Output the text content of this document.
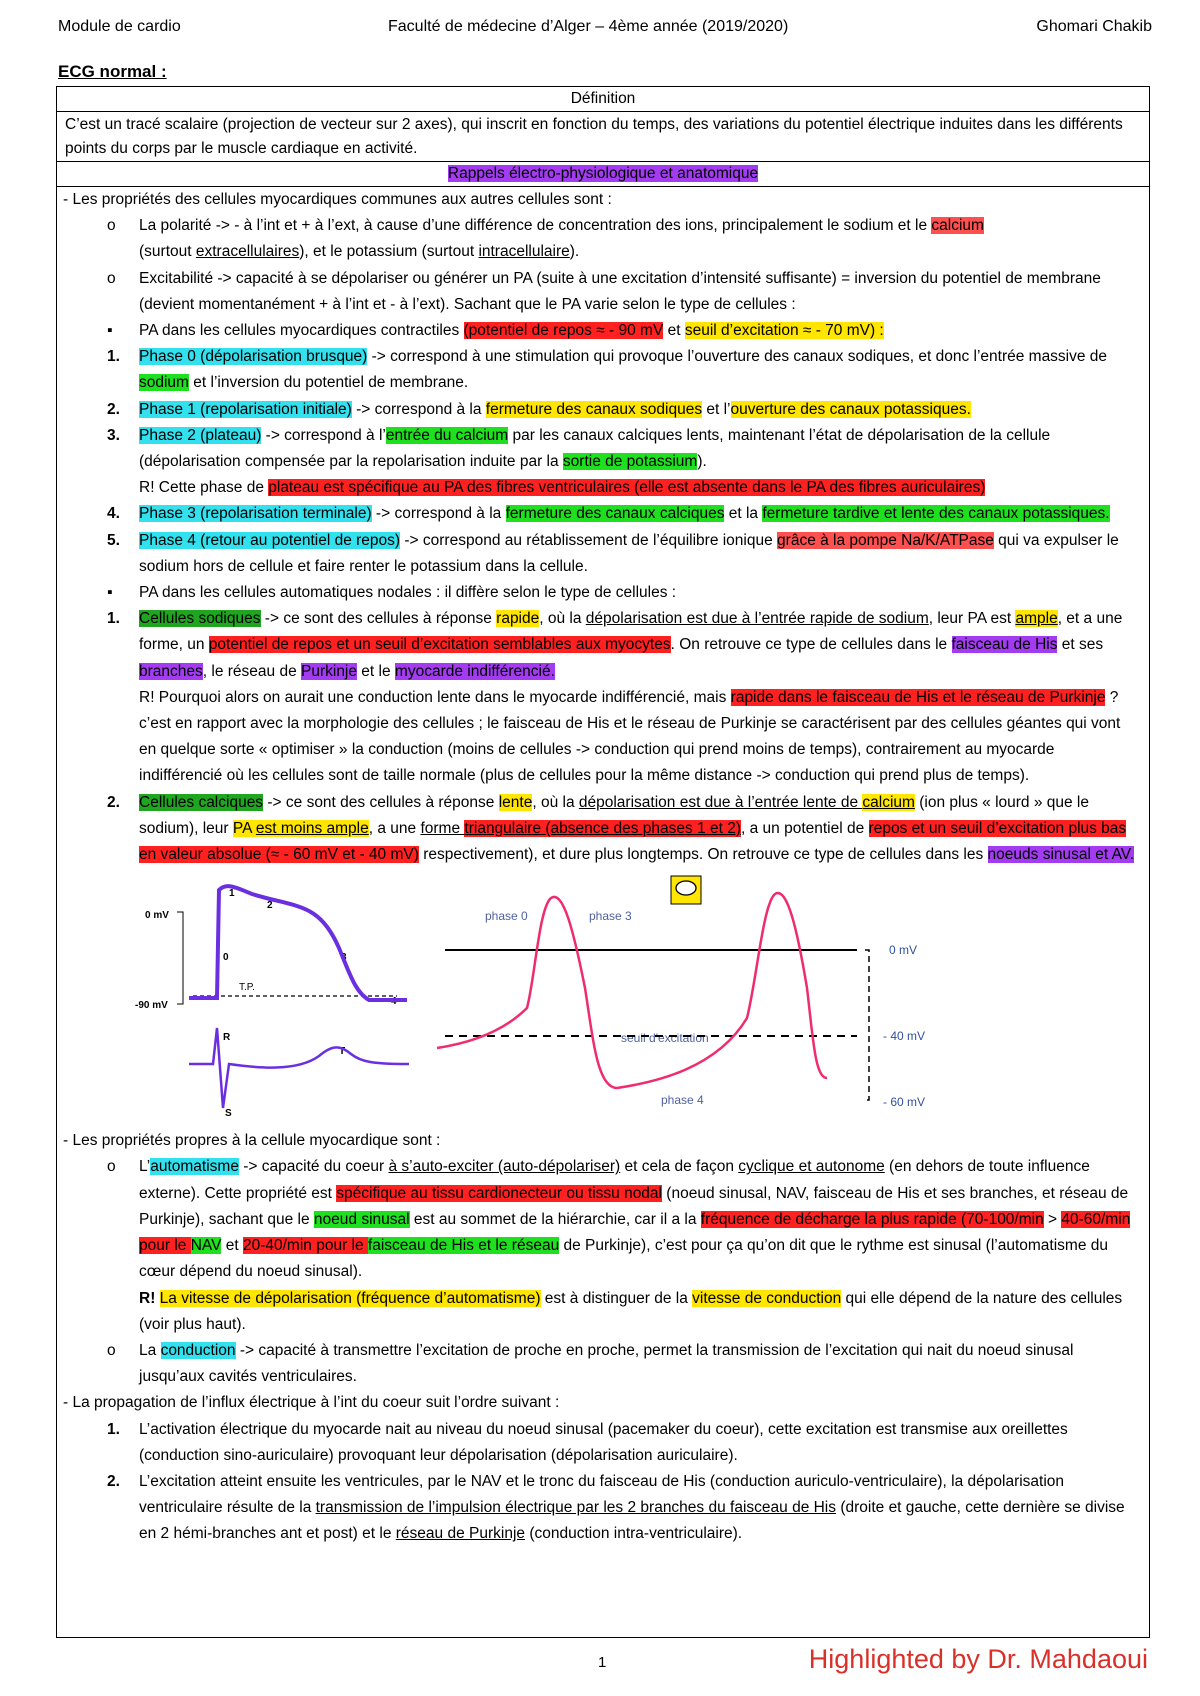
Module de cardio	Faculté de médecine d’Alger – 4ème année (2019/2020)	Ghomari Chakib
ECG normal :
Définition
C’est un tracé scalaire (projection de vecteur sur 2 axes), qui inscrit en fonction du temps, des variations du potentiel électrique induites dans les différents points du corps par le muscle cardiaque en activité.
Rappels électro-physiologique et anatomique
- Les propriétés des cellules myocardiques communes aux autres cellules sont :
o La polarité -> - à l’int et + à l’ext, à cause d’une différence de concentration des ions, principalement le sodium et le calcium
(surtout extracellulaires), et le potassium (surtout intracellulaire).
o Excitabilité -> capacité à se dépolariser ou générer un PA (suite à une excitation d’intensité suffisante) = inversion du potentiel de membrane (devient momentanément + à l’int et - à l’ext). Sachant que le PA varie selon le type de cellules :
▪ PA dans les cellules myocardiques contractiles (potentiel de repos ≈ - 90 mV et seuil d’excitation ≈ - 70 mV) :
1. Phase 0 (dépolarisation brusque) -> correspond à une stimulation qui provoque l’ouverture des canaux sodiques, et donc l’entrée massive de sodium et l’inversion du potentiel de membrane.
2. Phase 1 (repolarisation initiale) -> correspond à la fermeture des canaux sodiques et l’ouverture des canaux potassiques.
3. Phase 2 (plateau) -> correspond à l’entrée du calcium par les canaux calciques lents, maintenant l’état de dépolarisation de la cellule (dépolarisation compensée par la repolarisation induite par la sortie de potassium).
R! Cette phase de plateau est spécifique au PA des fibres ventriculaires (elle est absente dans le PA des fibres auriculaires)
4. Phase 3 (repolarisation terminale) -> correspond à la fermeture des canaux calciques et la fermeture tardive et lente des canaux potassiques.
5. Phase 4 (retour au potentiel de repos) -> correspond au rétablissement de l’équilibre ionique grâce à la pompe Na/K/ATPase qui va expulser le sodium hors de cellule et faire renter le potassium dans la cellule.
▪ PA dans les cellules automatiques nodales : il diffère selon le type de cellules :
1. Cellules sodiques -> ce sont des cellules à réponse rapide, où la dépolarisation est due à l’entrée rapide de sodium, leur PA est ample, et a une forme, un potentiel de repos et un seuil d’excitation semblables aux myocytes. On retrouve ce type de cellules dans le faisceau de His et ses branches, le réseau de Purkinje et le myocarde indifférencié.
R! Pourquoi alors on aurait une conduction lente dans le myocarde indifférencié, mais rapide dans le faisceau de His et le réseau de Purkinje ? c’est en rapport avec la morphologie des cellules ; le faisceau de His et le réseau de Purkinje se caractérisent par des cellules géantes qui vont en quelque sorte « optimiser » la conduction (moins de cellules -> conduction qui prend moins de temps), contrairement au myocarde indifférencié où les cellules sont de taille normale (plus de cellules pour la même distance -> conduction qui prend plus de temps).
2. Cellules calciques -> ce sont des cellules à réponse lente, où la dépolarisation est due à l’entrée lente de calcium (ion plus « lourd » que le sodium), leur PA est moins ample, a une forme triangulaire (absence des phases 1 et 2), a un potentiel de repos et un seuil d’excitation plus bas en valeur absolue (≈ - 60 mV et - 40 mV) respectivement), et dure plus longtemps. On retrouve ce type de cellules dans les noeuds sinusal et AV.
0 mV
-90 mV
1
2
3
0
4
T.P.
R
T
S
phase 0	phase 3
phase 4
seuil d'excitation
0 mV
- 40 mV
- 60 mV
- Les propriétés propres à la cellule myocardique sont :
o L’automatisme -> capacité du coeur à s’auto-exciter (auto-dépolariser) et cela de façon cyclique et autonome (en dehors de toute influence externe). Cette propriété est spécifique au tissu cardionecteur ou tissu nodal (noeud sinusal, NAV, faisceau de His et ses branches, et réseau de Purkinje), sachant que le noeud sinusal est au sommet de la hiérarchie, car il a la fréquence de décharge la plus rapide (70-100/min > 40-60/min pour le NAV et 20-40/min pour le faisceau de His et le réseau de Purkinje), c’est pour ça qu’on dit que le rythme est sinusal (l’automatisme du cœur dépend du noeud sinusal).
R! La vitesse de dépolarisation (fréquence d’automatisme) est à distinguer de la vitesse de conduction qui elle dépend de la nature des cellules (voir plus haut).
o La conduction -> capacité à transmettre l’excitation de proche en proche, permet la transmission de l’excitation qui nait du noeud sinusal jusqu’aux cavités ventriculaires.
- La propagation de l’influx électrique à l’int du coeur suit l’ordre suivant :
1. L’activation électrique du myocarde nait au niveau du noeud sinusal (pacemaker du coeur), cette excitation est transmise aux oreillettes (conduction sino-auriculaire) provoquant leur dépolarisation (dépolarisation auriculaire).
2. L’excitation atteint ensuite les ventricules, par le NAV et le tronc du faisceau de His (conduction auriculo-ventriculaire), la dépolarisation ventriculaire résulte de la transmission de l’impulsion électrique par les 2 branches du faisceau de His (droite et gauche, cette dernière se divise en 2 hémi-branches ant et post) et le réseau de Purkinje (conduction intra-ventriculaire).
1	Highlighted by Dr. Mahdaoui
